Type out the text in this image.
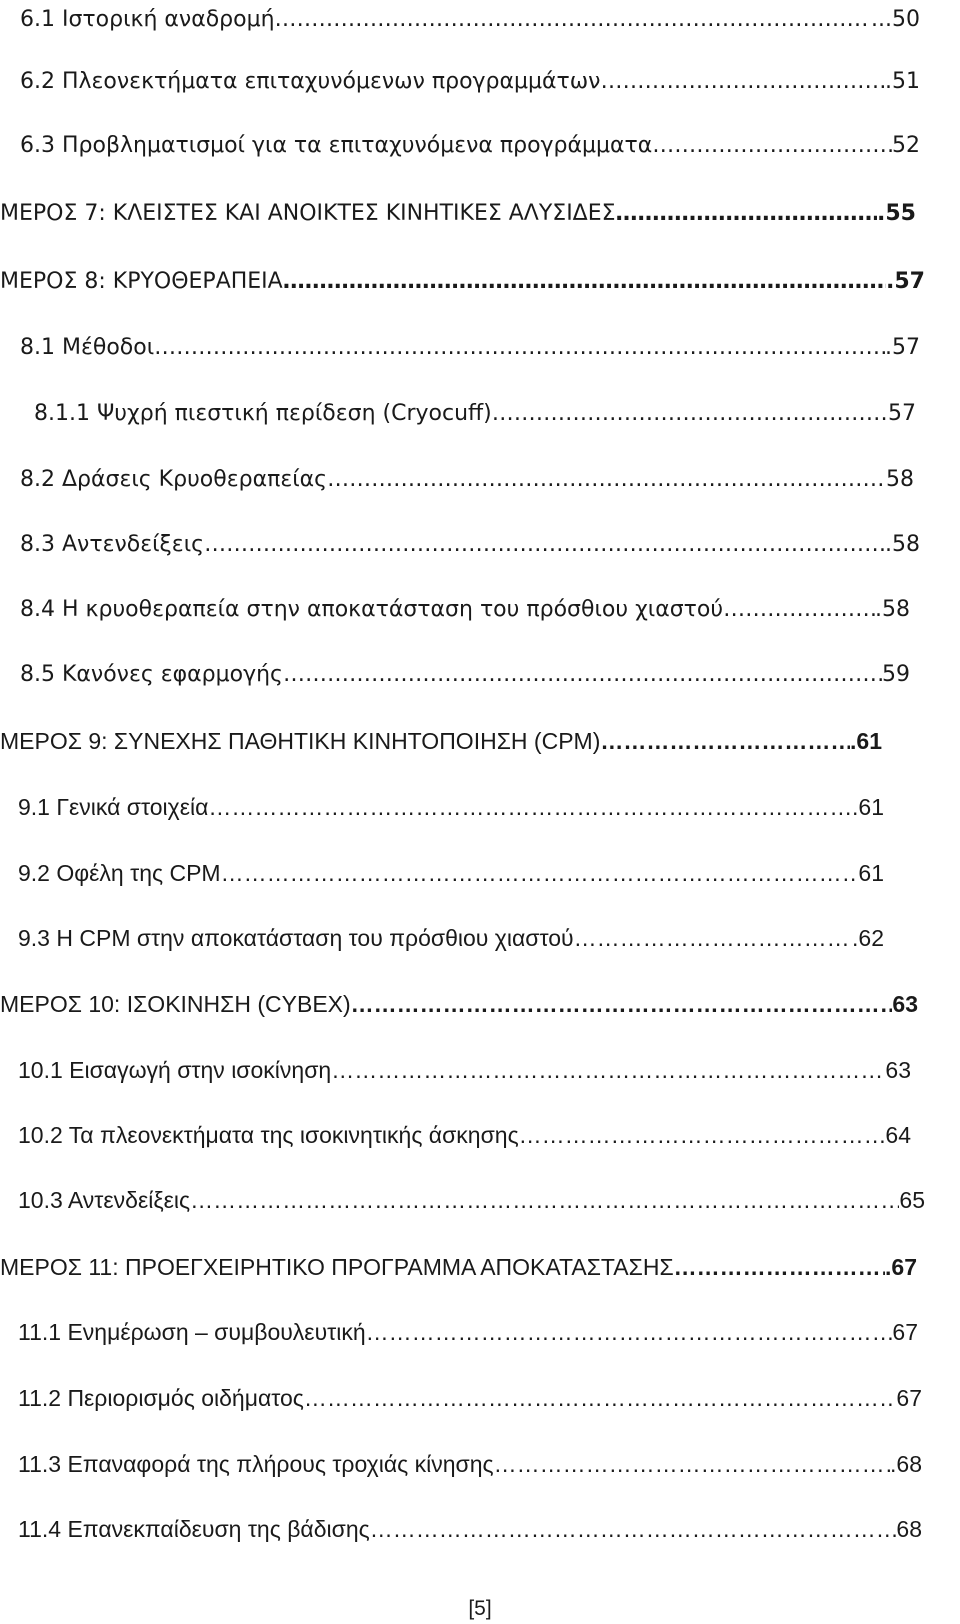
6.1 Ιστορική αναδρομή ……………………………………………………………………………………………………………………………………………………………………………………………………………………………………………………………	...50
6.2 Πλεονεκτήματα επιταχυνόμενων προγραμμάτων ……………………………………………………………………………………………………………………………………………………………………………………………………………………………………………………………	.51
6.3 Προβληματισμοί για τα επιταχυνόμενα προγράμματα ……………………………………………………………………………………………………………………………………………………………………………………………………………………………………………………………	52
ΜΕΡΟΣ 7: ΚΛΕΙΣΤΕΣ ΚΑΙ ΑΝΟΙΚΤΕΣ ΚΙΝΗΤΙΚΕΣ ΑΛΥΣΙΔΕΣ ……………………………………………………………………………………………………………………………………………………………………………………………………………………………………………………………	.55
ΜΕΡΟΣ 8: ΚΡΥΟΘΕΡΑΠΕΙΑ ……………………………………………………………………………………………………………………………………………………………………………………………………………………………………………………………	.57
8.1 Μέθοδοι ……………………………………………………………………………………………………………………………………………………………………………………………………………………………………………………………	.57
8.1.1 Ψυχρή πιεστική περίδεση (Cryocuff) ……………………………………………………………………………………………………………………………………………………………………………………………………………………………………………………………	57
8.2 Δράσεις Κρυοθεραπείας ……………………………………………………………………………………………………………………………………………………………………………………………………………………………………………………………	58
8.3 Αντενδείξεις ……………………………………………………………………………………………………………………………………………………………………………………………………………………………………………………………	.58
8.4 Η κρυοθεραπεία στην αποκατάσταση του πρόσθιου χιαστού ……………………………………………………………………………………………………………………………………………………………………………………………………………………………………………………………	.58
8.5 Κανόνες εφαρμογής ……………………………………………………………………………………………………………………………………………………………………………………………………………………………………………………………	59
ΜΕΡΟΣ 9: ΣΥΝΕΧΗΣ ΠΑΘΗΤΙΚΗ ΚΙΝΗΤΟΠΟΙΗΣΗ (CPM) ……………………………………………………………………………………………………………………………………………………………………………………………………………………………………………………………	.61
9.1 Γενικά στοιχεία ……………………………………………………………………………………………………………………………………………………………………………………………………………………………………………………………	.61
9.2 Οφέλη της CPM ……………………………………………………………………………………………………………………………………………………………………………………………………………………………………………………………	61
9.3 Η CPM στην αποκατάσταση του πρόσθιου χιαστού ……………………………………………………………………………………………………………………………………………………………………………………………………………………………………………………………	.62
ΜΕΡΟΣ 10: ΙΣΟΚΙΝΗΣΗ (CYBEX) ……………………………………………………………………………………………………………………………………………………………………………………………………………………………………………………………	63
10.1 Εισαγωγή στην ισοκίνηση ……………………………………………………………………………………………………………………………………………………………………………………………………………………………………………………………	63
10.2 Τα πλεονεκτήματα της ισοκινητικής άσκησης ……………………………………………………………………………………………………………………………………………………………………………………………………………………………………………………………	64
10.3 Αντενδείξεις ……………………………………………………………………………………………………………………………………………………………………………………………………………………………………………………………	65
ΜΕΡΟΣ 11: ΠΡΟΕΓΧΕΙΡΗΤΙΚΟ ΠΡΟΓΡΑΜΜΑ ΑΠΟΚΑΤΑΣΤΑΣΗΣ ……………………………………………………………………………………………………………………………………………………………………………………………………………………………………………………………	.67
11.1 Ενημέρωση – συμβουλευτική ……………………………………………………………………………………………………………………………………………………………………………………………………………………………………………………………	67
11.2 Περιορισμός οιδήματος ……………………………………………………………………………………………………………………………………………………………………………………………………………………………………………………………	67
11.3 Επαναφορά της πλήρους τροχιάς κίνησης ……………………………………………………………………………………………………………………………………………………………………………………………………………………………………………………………	.68
11.4 Επανεκπαίδευση της βάδισης ……………………………………………………………………………………………………………………………………………………………………………………………………………………………………………………………	68
[5]
